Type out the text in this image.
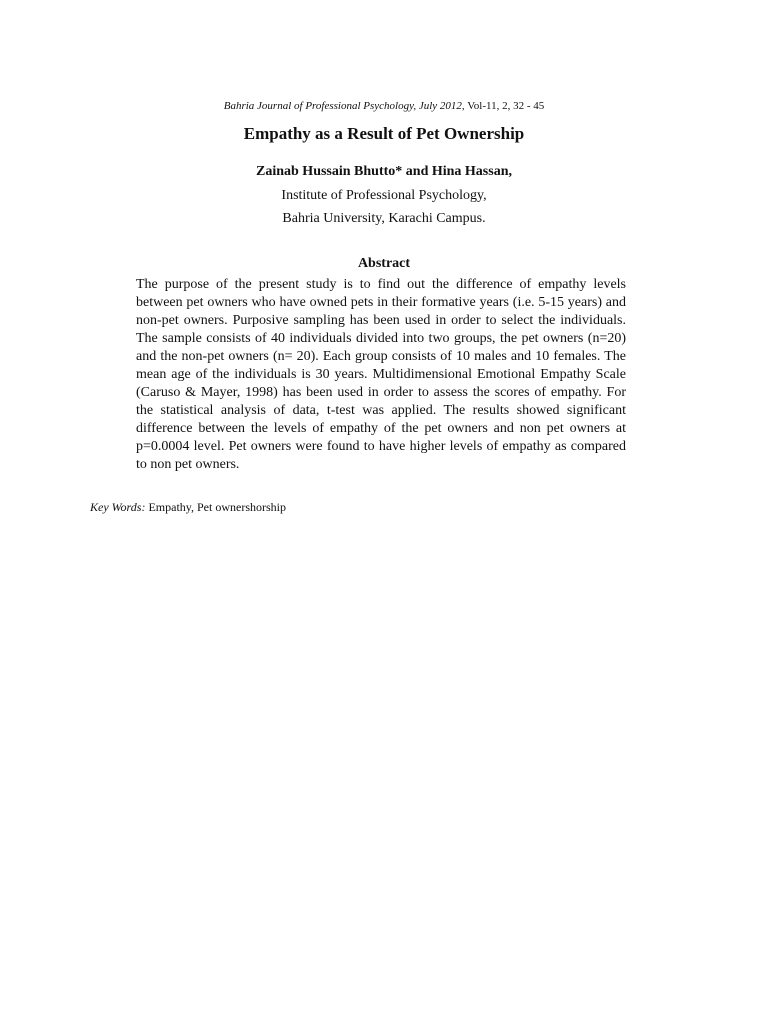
Bahria Journal of Professional Psychology, July 2012, Vol-11, 2, 32 - 45
Empathy as a Result of Pet Ownership
Zainab Hussain Bhutto* and Hina Hassan,
Institute of Professional Psychology,
Bahria University, Karachi Campus.
Abstract

The purpose of the present study is to find out the difference of empathy levels between pet owners who have owned pets in their formative years (i.e. 5-15 years) and non-pet owners. Purposive sampling has been used in order to select the individuals. The sample consists of 40 individuals divided into two groups, the pet owners (n=20) and the non-pet owners (n= 20). Each group consists of 10 males and 10 females. The mean age of the individuals is 30 years. Multidimensional Emotional Empathy Scale (Caruso & Mayer, 1998) has been used in order to assess the scores of empathy. For the statistical analysis of data, t-test was applied. The results showed significant difference between the levels of empathy of the pet owners and non pet owners at p=0.0004 level. Pet owners were found to have higher levels of empathy as compared to non pet owners.

Key Words: Empathy, Pet ownershorship
